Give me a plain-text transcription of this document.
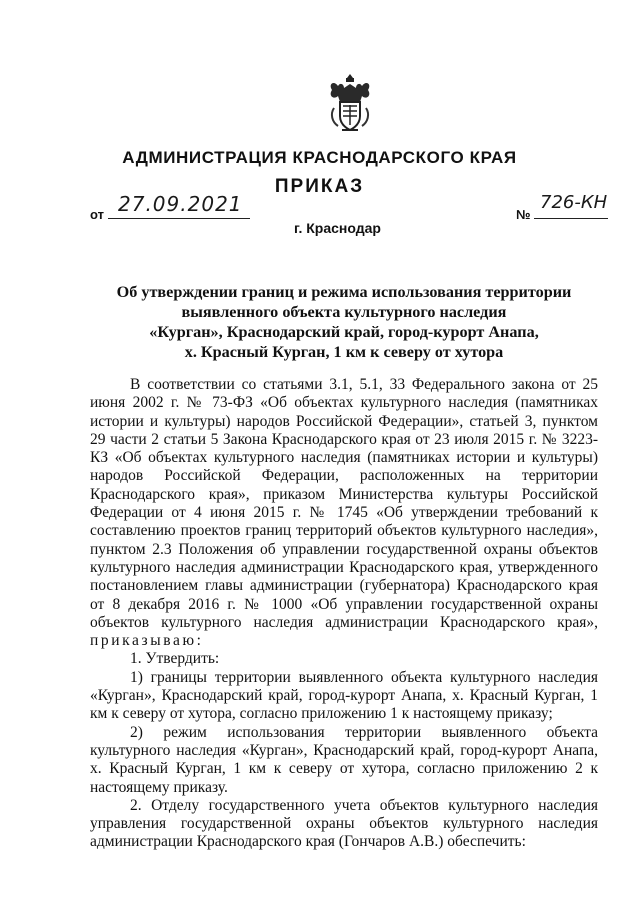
АДМИНИСТРАЦИЯ КРАСНОДАРСКОГО КРАЯ
ПРИКАЗ
от 27.09.2021	№
726-КН
г. Краснодар
Об утверждении границ и режима использования территории
выявленного объекта культурного наследия
«Курган», Краснодарский край, город-курорт Анапа,
х. Красный Курган, 1 км к северу от хутора

В соответствии со статьями 3.1, 5.1, 33 Федерального закона от 25 июня 2002 г. № 73-ФЗ «Об объектах культурного наследия (памятниках истории и культуры) народов Российской Федерации», статьей 3, пунктом 29 части 2 статьи 5 Закона Краснодарского края от 23 июля 2015 г. № 3223-КЗ «Об объектах культурного наследия (памятниках истории и культуры) народов Российской Федерации, расположенных на территории Краснодарского края», приказом Министерства культуры Российской Федерации от 4 июня 2015 г. № 1745 «Об утверждении требований к составлению проектов границ территорий объектов культурного наследия», пунктом 2.3 Положения об управлении государственной охраны объектов культурного наследия администрации Краснодарского края, утвержденного постановлением главы администрации (губернатора) Краснодарского края от 8 декабря 2016 г. № 1000 «Об управлении государственной охраны объектов культурного наследия администрации Краснодарского края»,

приказываю:

1. Утвердить:

1) границы территории выявленного объекта культурного наследия «Курган», Краснодарский край, город-курорт Анапа, х. Красный Курган, 1 км к северу от хутора, согласно приложению 1 к настоящему приказу;

2) режим использования территории выявленного объекта культурного наследия «Курган», Краснодарский край, город-курорт Анапа, х. Красный Курган, 1 км к северу от хутора, согласно приложению 2 к настоящему приказу.

2. Отделу государственного учета объектов культурного наследия управления государственной охраны объектов культурного наследия администрации Краснодарского края (Гончаров А.В.) обеспечить:
